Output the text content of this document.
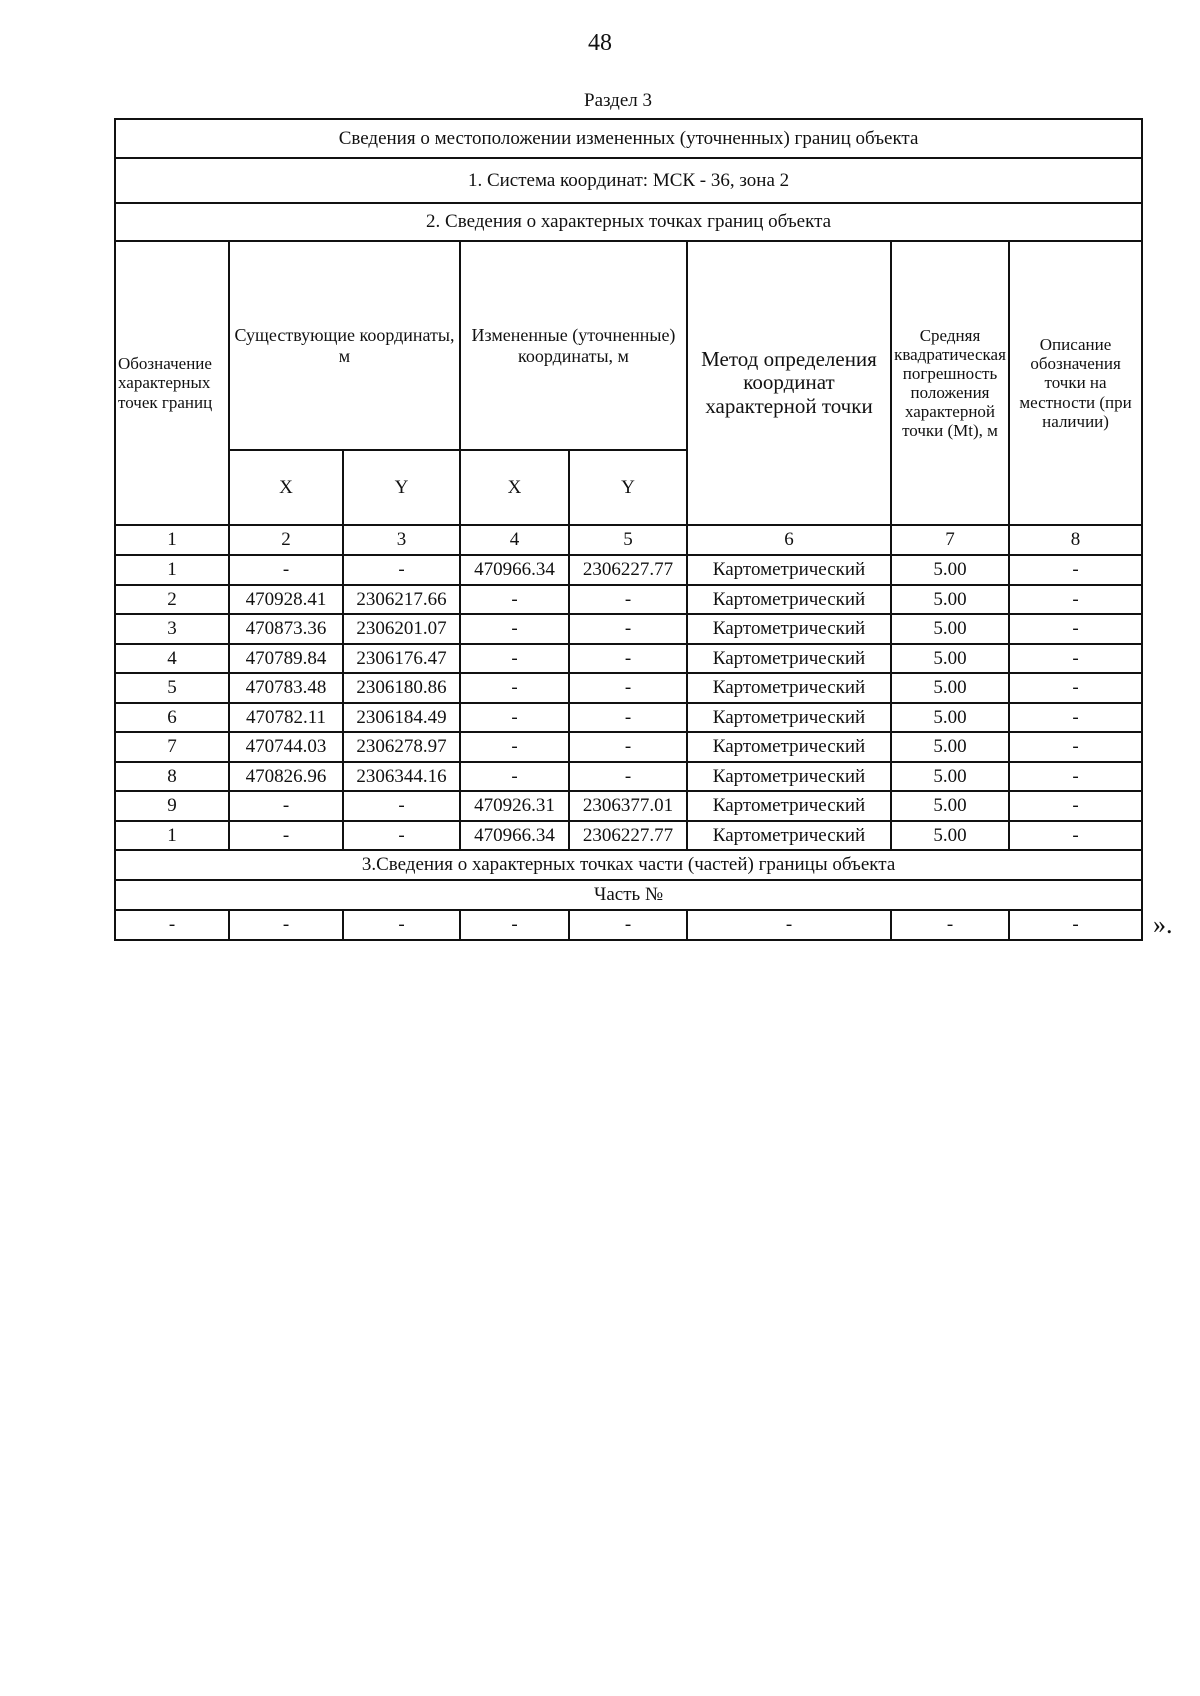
48
Раздел 3
Сведения о местоположении измененных (уточненных) границ объекта							
1. Система координат: МСК - 36, зона 2							
2. Сведения о характерных точках границ объекта							
Обозначение характерных точек границ	Существующие координаты, м		Измененные (уточненные) координаты, м		Метод определения координат характерной точки	Средняя квадратическая погрешность положения характерной точки (Mt), м	Описание обозначения точки на местности (при наличии)
	X	Y	X	Y			
1	2	3	4	5	6	7	8
1	-	-	470966.34	2306227.77	Картометрический	5.00	-
2	470928.41	2306217.66	-	-	Картометрический	5.00	-
3	470873.36	2306201.07	-	-	Картометрический	5.00	-
4	470789.84	2306176.47	-	-	Картометрический	5.00	-
5	470783.48	2306180.86	-	-	Картометрический	5.00	-
6	470782.11	2306184.49	-	-	Картометрический	5.00	-
7	470744.03	2306278.97	-	-	Картометрический	5.00	-
8	470826.96	2306344.16	-	-	Картометрический	5.00	-
9	-	-	470926.31	2306377.01	Картометрический	5.00	-
1	-	-	470966.34	2306227.77	Картометрический	5.00	-
3.Сведения о характерных точках части (частей) границы объекта							
Часть №							
-	-	-	-	-	-	-	-	».
